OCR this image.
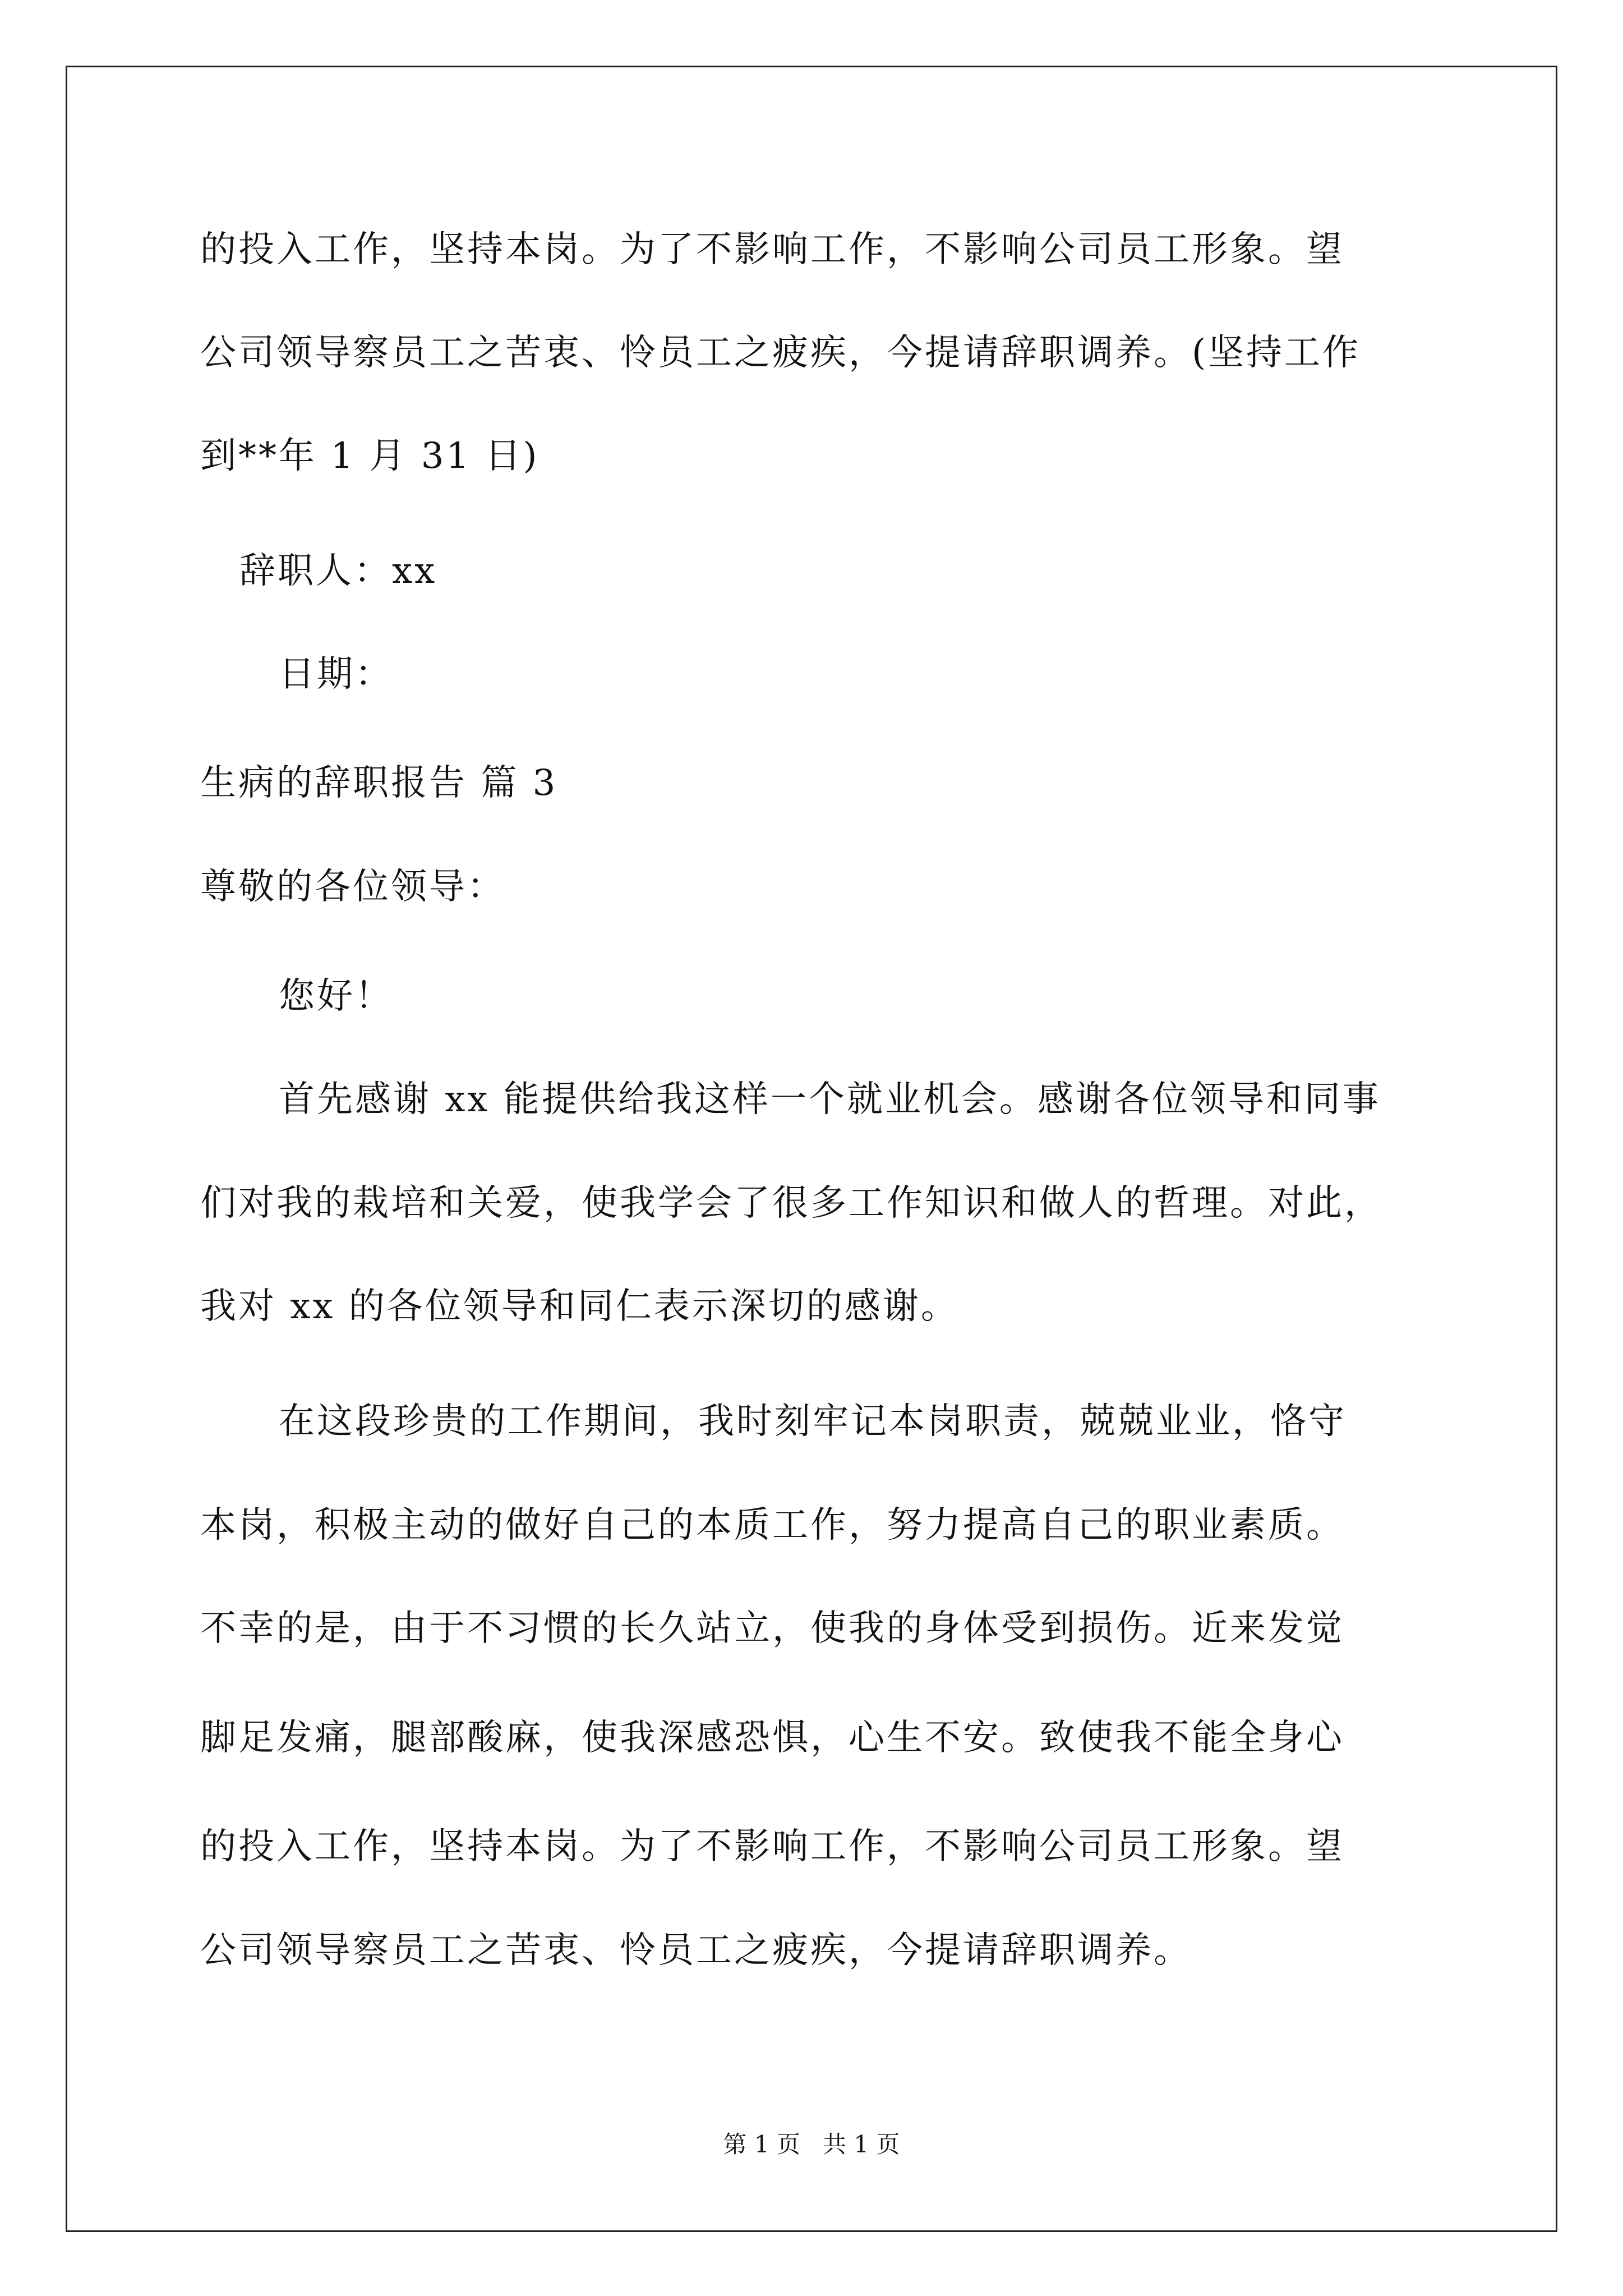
的投入工作，坚持本岗。为了不影响工作，不影响公司员工形象。望
公司领导察员工之苦衷、怜员工之疲疾，今提请辞职调养。(坚持工作
到**年 1 月 31 日)
辞职人：xx
日期：
生病的辞职报告 篇 3
尊敬的各位领导：
您好！
首先感谢 xx 能提供给我这样一个就业机会。感谢各位领导和同事
们对我的栽培和关爱，使我学会了很多工作知识和做人的哲理。对此，
我对 xx 的各位领导和同仁表示深切的感谢。
在这段珍贵的工作期间，我时刻牢记本岗职责，兢兢业业，恪守
本岗，积极主动的做好自己的本质工作，努力提高自己的职业素质。
不幸的是，由于不习惯的长久站立，使我的身体受到损伤。近来发觉
脚足发痛，腿部酸麻，使我深感恐惧，心生不安。致使我不能全身心
的投入工作，坚持本岗。为了不影响工作，不影响公司员工形象。望
公司领导察员工之苦衷、怜员工之疲疾，今提请辞职调养。
第 1 页   共 1 页
